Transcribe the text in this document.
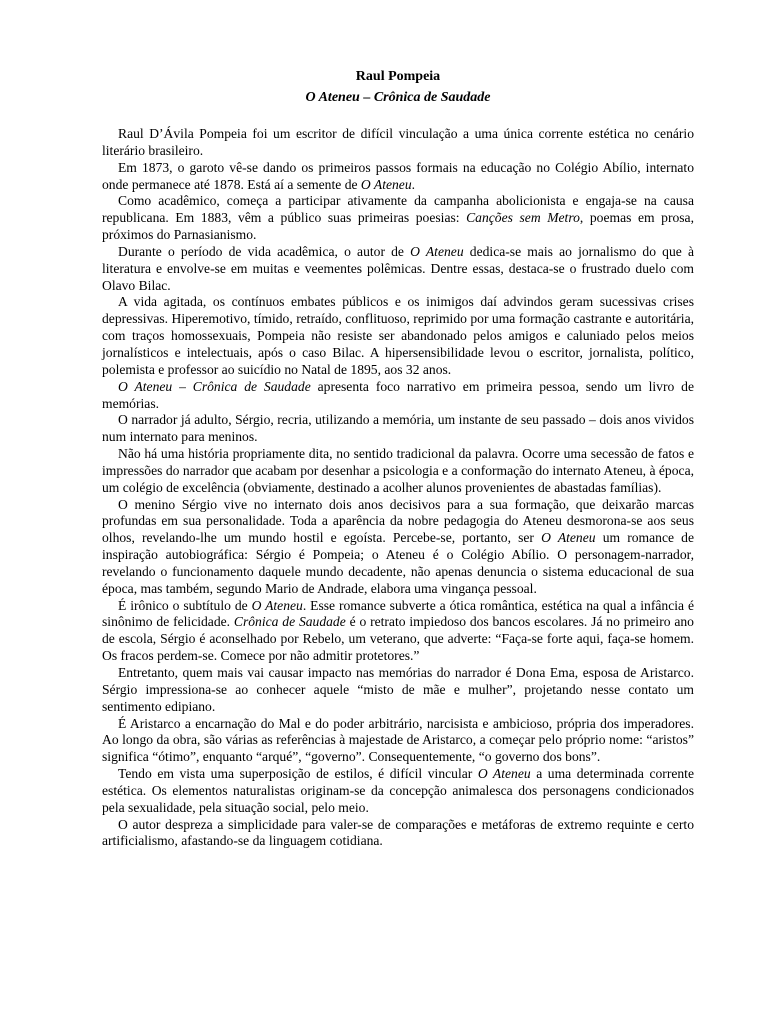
Raul Pompeia

O Ateneu – Crônica de Saudade

Raul D’Ávila Pompeia foi um escritor de difícil vinculação a uma única corrente estética no cenário literário brasileiro.

Em 1873, o garoto vê-se dando os primeiros passos formais na educação no Colégio Abílio, internato onde permanece até 1878. Está aí a semente de O Ateneu.

Como acadêmico, começa a participar ativamente da campanha abolicionista e engaja-se na causa republicana. Em 1883, vêm a público suas primeiras poesias: Canções sem Metro, poemas em prosa, próximos do Parnasianismo.

Durante o período de vida acadêmica, o autor de O Ateneu dedica-se mais ao jornalismo do que à literatura e envolve-se em muitas e veementes polêmicas. Dentre essas, destaca-se o frustrado duelo com Olavo Bilac.

A vida agitada, os contínuos embates públicos e os inimigos daí advindos geram sucessivas crises depressivas. Hiperemotivo, tímido, retraído, conflituoso, reprimido por uma formação castrante e autoritária, com traços homossexuais, Pompeia não resiste ser abandonado pelos amigos e caluniado pelos meios jornalísticos e intelectuais, após o caso Bilac. A hipersensibilidade levou o escritor, jornalista, político, polemista e professor ao suicídio no Natal de 1895, aos 32 anos.

O Ateneu – Crônica de Saudade apresenta foco narrativo em primeira pessoa, sendo um livro de memórias.

O narrador já adulto, Sérgio, recria, utilizando a memória, um instante de seu passado – dois anos vividos num internato para meninos.

Não há uma história propriamente dita, no sentido tradicional da palavra. Ocorre uma secessão de fatos e impressões do narrador que acabam por desenhar a psicologia e a conformação do internato Ateneu, à época, um colégio de excelência (obviamente, destinado a acolher alunos provenientes de abastadas famílias).

O menino Sérgio vive no internato dois anos decisivos para a sua formação, que deixarão marcas profundas em sua personalidade. Toda a aparência da nobre pedagogia do Ateneu desmorona-se aos seus olhos, revelando-lhe um mundo hostil e egoísta. Percebe-se, portanto, ser O Ateneu um romance de inspiração autobiográfica: Sérgio é Pompeia; o Ateneu é o Colégio Abílio. O personagem-narrador, revelando o funcionamento daquele mundo decadente, não apenas denuncia o sistema educacional de sua época, mas também, segundo Mario de Andrade, elabora uma vingança pessoal.

É irônico o subtítulo de O Ateneu. Esse romance subverte a ótica romântica, estética na qual a infância é sinônimo de felicidade. Crônica de Saudade é o retrato impiedoso dos bancos escolares. Já no primeiro ano de escola, Sérgio é aconselhado por Rebelo, um veterano, que adverte: “Faça-se forte aqui, faça-se homem. Os fracos perdem-se. Comece por não admitir protetores.”

Entretanto, quem mais vai causar impacto nas memórias do narrador é Dona Ema, esposa de Aristarco. Sérgio impressiona-se ao conhecer aquele “misto de mãe e mulher”, projetando nesse contato um sentimento edipiano.

É Aristarco a encarnação do Mal e do poder arbitrário, narcisista e ambicioso, própria dos imperadores. Ao longo da obra, são várias as referências à majestade de Aristarco, a começar pelo próprio nome: “aristos” significa “ótimo”, enquanto “arqué”, “governo”. Consequentemente, “o governo dos bons”.

Tendo em vista uma superposição de estilos, é difícil vincular O Ateneu a uma determinada corrente estética. Os elementos naturalistas originam-se da concepção animalesca dos personagens condicionados pela sexualidade, pela situação social, pelo meio.

O autor despreza a simplicidade para valer-se de comparações e metáforas de extremo requinte e certo artificialismo, afastando-se da linguagem cotidiana.
